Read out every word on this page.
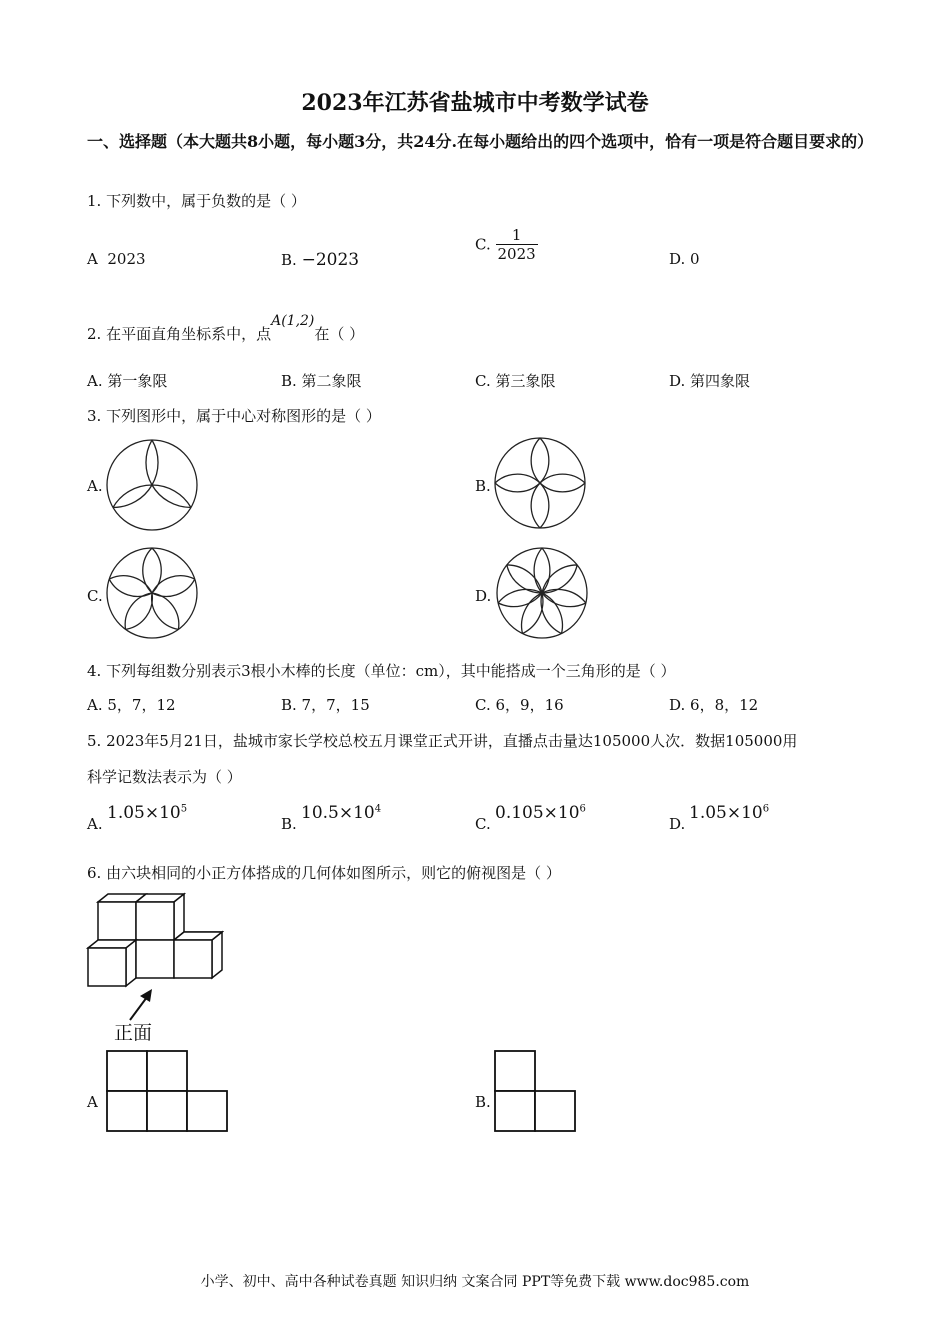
2023年江苏省盐城市中考数学试卷
一、选择题（本大题共8小题，每小题3分，共24分.在每小题给出的四个选项中，恰有一项是符合题目要求的）
1. 下列数中，属于负数的是（ ）
A 2023	B. −2023
C. $\frac{1}{2023}$	D. 0
2. 在平面直角坐标系中，点A(1,2)在（ ）
A. 第一象限	B. 第二象限	C. 第三象限	D. 第四象限
3. 下列图形中，属于中心对称图形的是（ ）
A.	B.
C.	D.
4. 下列每组数分别表示3根小木棒的长度（单位：cm），其中能搭成一个三角形的是（ ）
A. 5，7，12	B. 7，7，15	C. 6，9，16	D. 6，8，12
5. 2023年5月21日，盐城市家长学校总校五月课堂正式开讲，直播点击量达105000人次．数据105000用
科学记数法表示为（ ）
A.
$1.05\times 10^5$
B.
$10.5\times 10^4$
C.
$0.105\times 10^6$
D.
$1.05\times 10^6$
6. 由六块相同的小正方体搭成的几何体如图所示，则它的俯视图是（ ）
正面
A	B.
小学、初中、高中各种试卷真题 知识归纳 文案合同 PPT等免费下载 www.doc985.com
